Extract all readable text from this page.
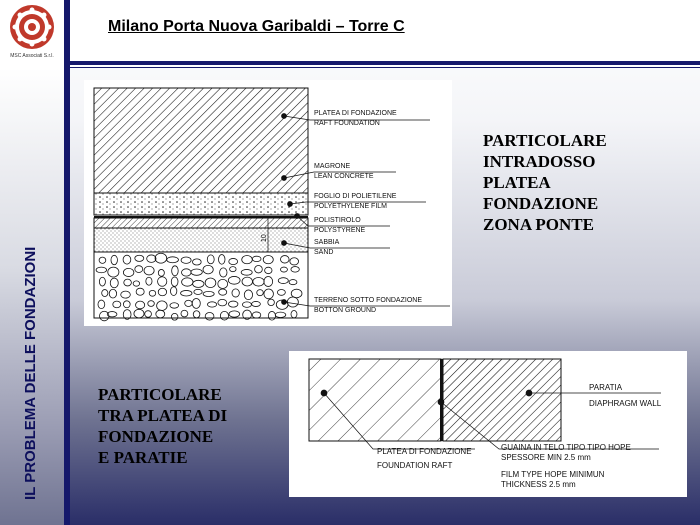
MSC Associati S.r.l.
Milano Porta Nuova Garibaldi – Torre C
IL PROBLEMA DELLE FONDAZIONI
10
PLATEA DI FONDAZIONE
RAFT FOUNDATION
MAGRONE
LEAN CONCRETE
FOGLIO DI POLIETILENE
POLYETHYLENE FILM
POLISTIROLO
POLYSTYRENE
SABBIA
SAND
TERRENO SOTTO FONDAZIONE
BOTTON GROUND
PARTICOLARE
INTRADOSSO
PLATEA
FONDAZIONE
ZONA PONTE
PARATIA
DIAPHRAGM WALL
PLATEA DI FONDAZIONE
FOUNDATION RAFT
GUAINA IN TELO TIPO TIPO HOPE
SPESSORE MIN 2.5 mm
FILM TYPE HOPE MINIMUN
THICKNESS 2.5 mm
PARTICOLARE
TRA PLATEA DI
FONDAZIONE
E PARATIE
